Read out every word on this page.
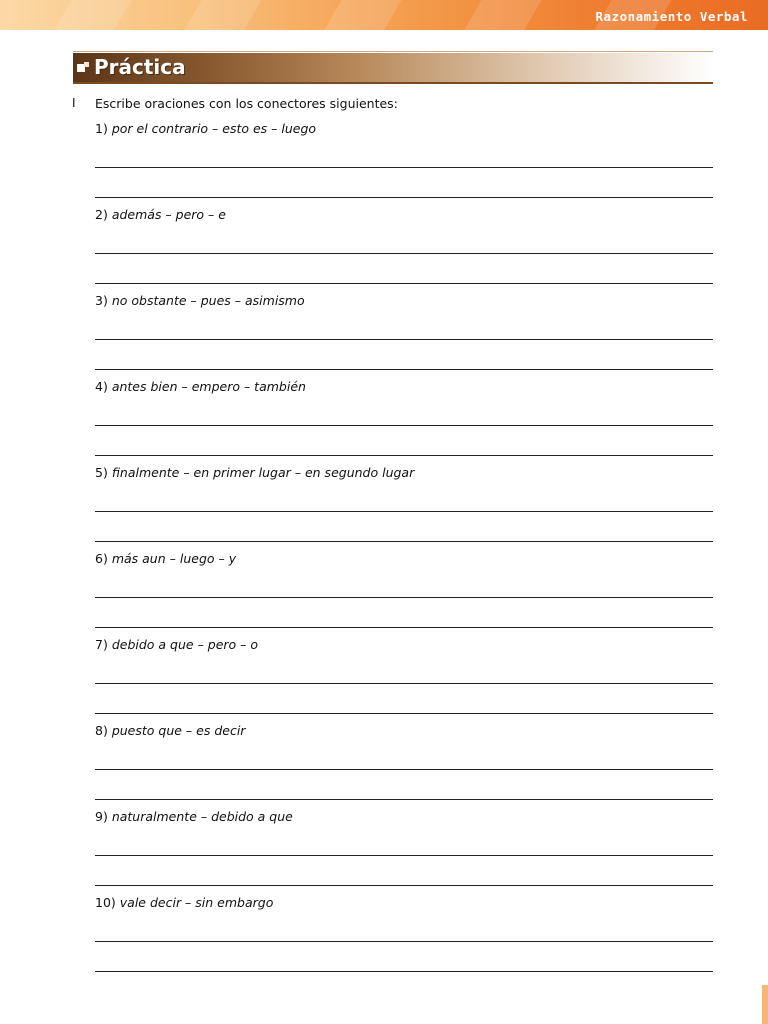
Razonamiento Verbal
Práctica
I Escribe oraciones con los conectores siguientes:
1) por el contrario – esto es – luego
2) además – pero – e
3) no obstante – pues – asimismo
4) antes bien – empero – también
5) finalmente – en primer lugar – en segundo lugar
6) más aun – luego – y
7) debido a que – pero – o
8) puesto que – es decir
9) naturalmente – debido a que
10) vale decir – sin embargo
